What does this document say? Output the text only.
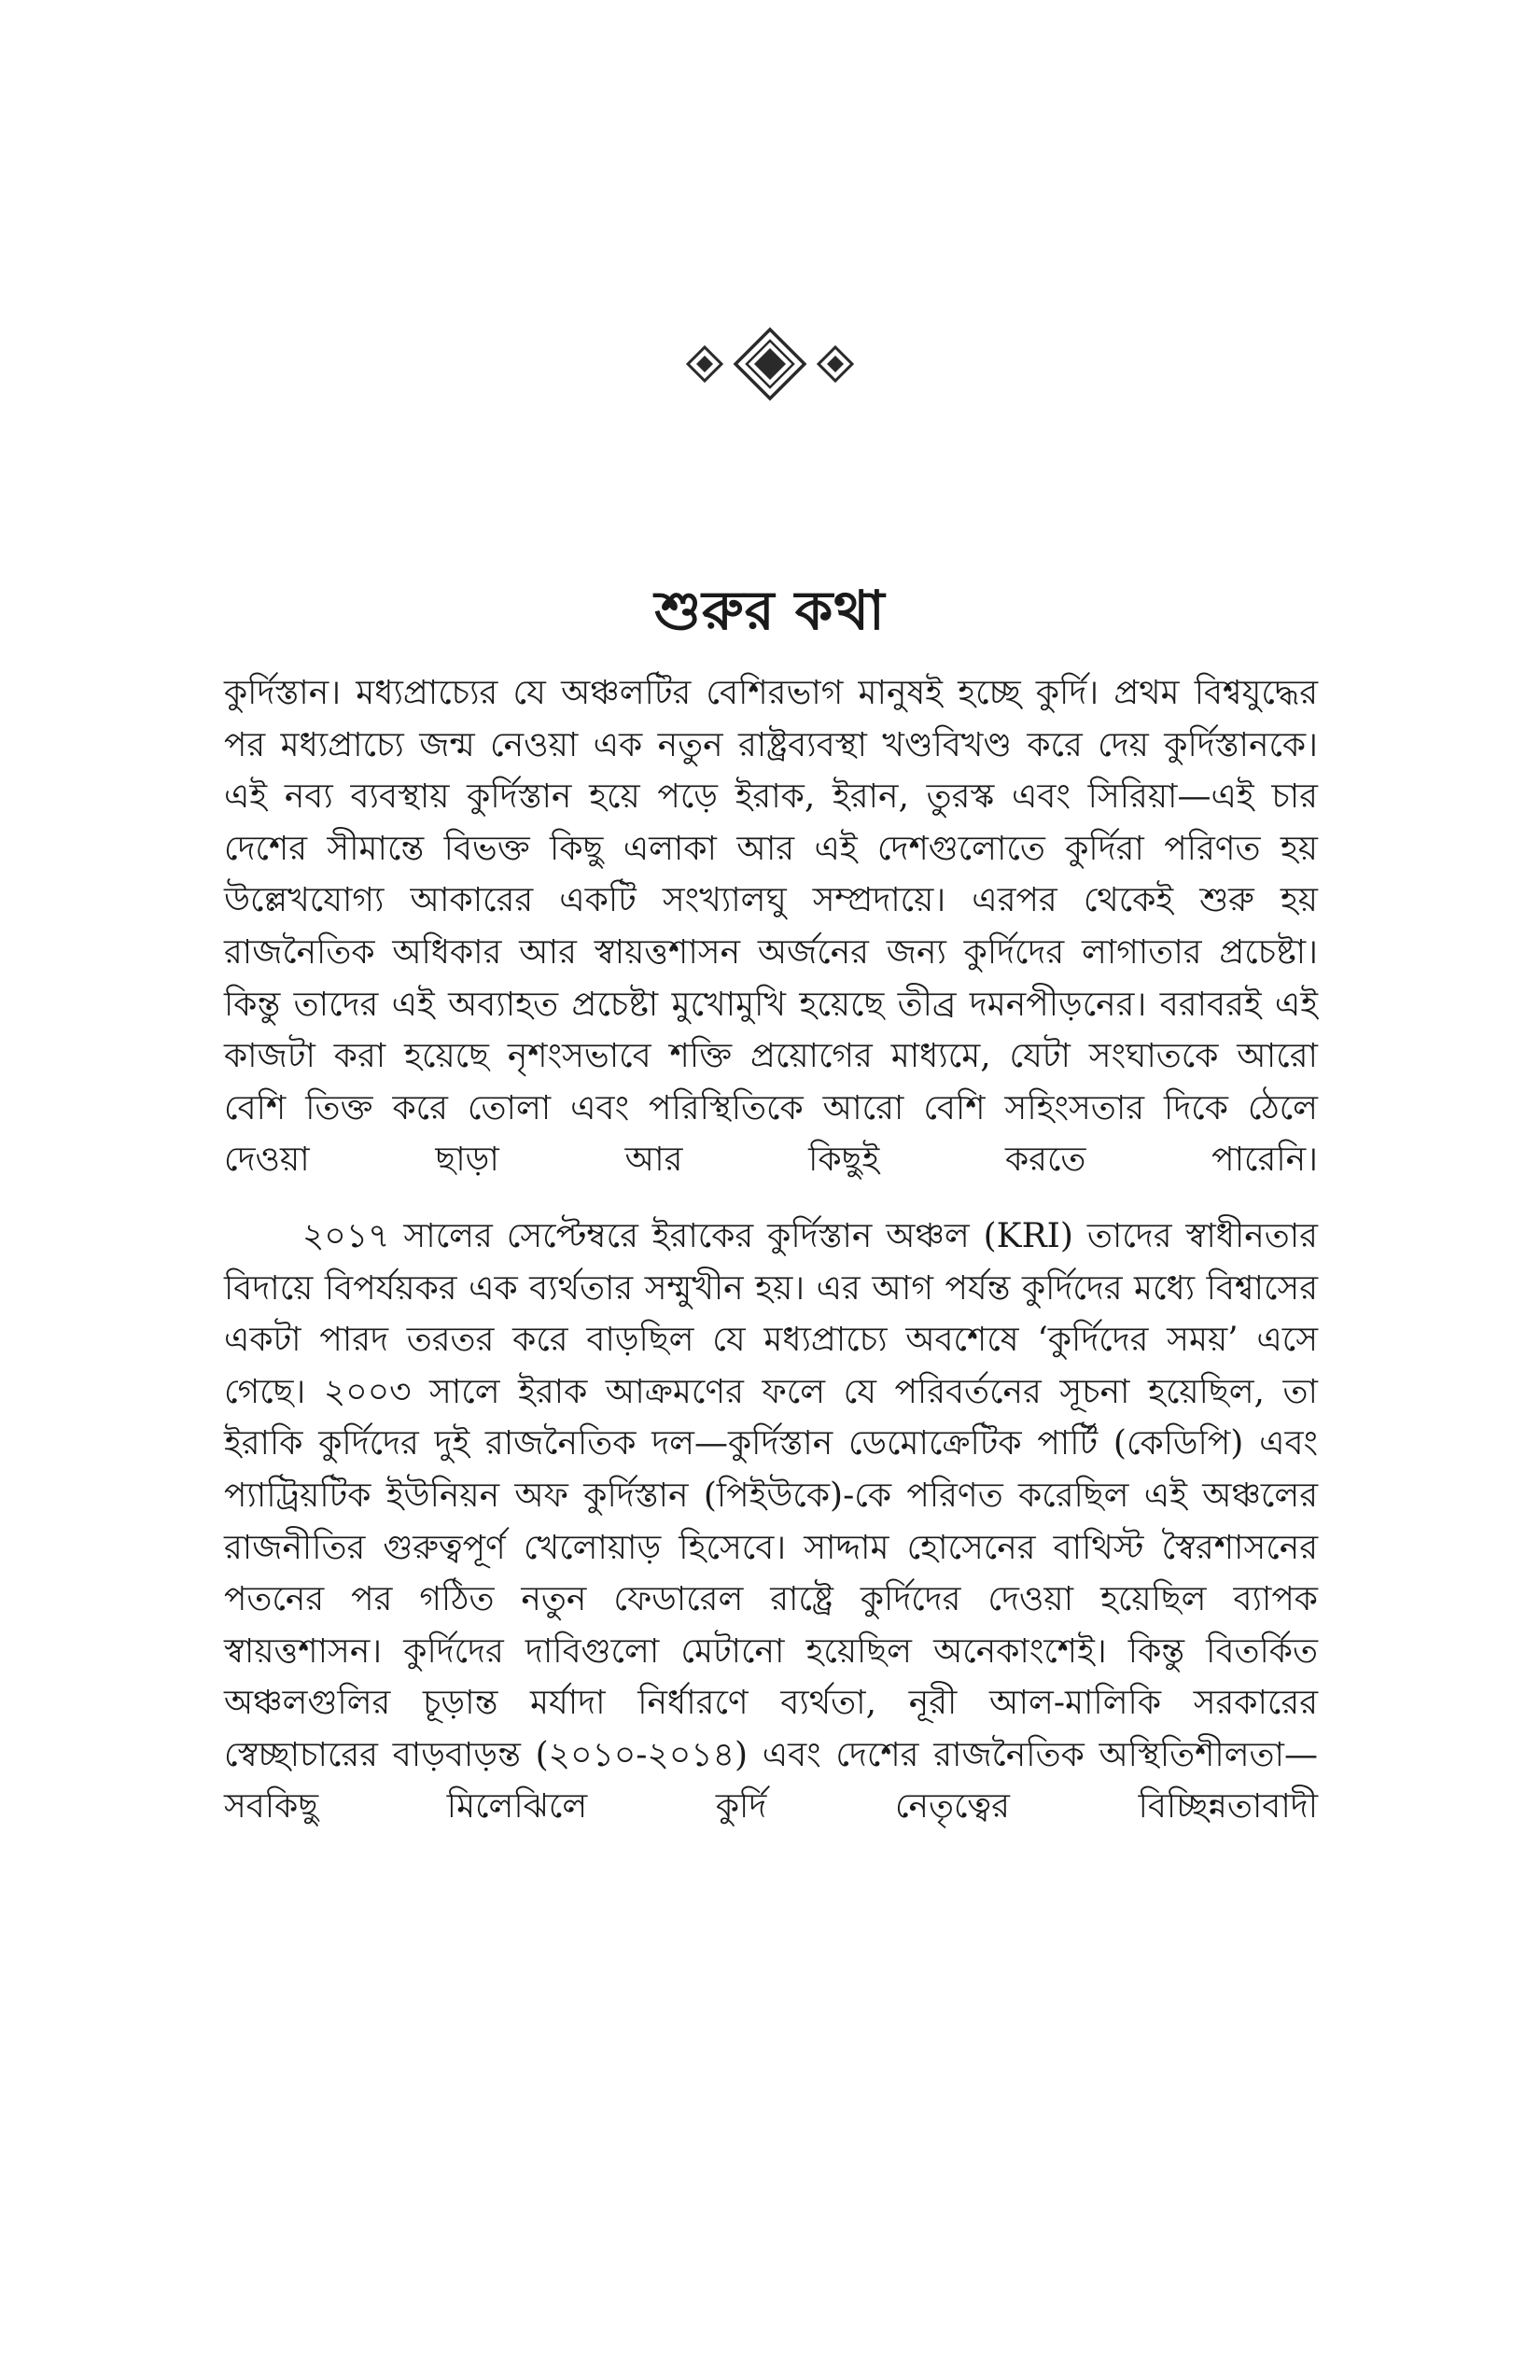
শুরুর কথা

কুর্দিস্তান। মধ্যপ্রাচ্যের যে অঞ্চলটির বেশিরভাগ মানুষই হচ্ছে কুর্দি। প্রথম বিশ্বযুদ্ধের পর মধ্যপ্রাচ্যে জন্ম নেওয়া এক নতুন রাষ্ট্রব্যবস্থা খণ্ডবিখণ্ড করে দেয় কুর্দিস্তানকে। এই নব্য ব্যবস্থায় কুর্দিস্তান হয়ে পড়ে ইরাক, ইরান, তুরস্ক এবং সিরিয়া—এই চার দেশের সীমান্তে বিভক্ত কিছু এলাকা আর এই দেশগুলোতে কুর্দিরা পরিণত হয় উল্লেখযোগ্য আকারের একটি সংখ্যালঘু সম্প্রদায়ে। এরপর থেকেই শুরু হয় রাজনৈতিক অধিকার আর স্বায়ত্তশাসন অর্জনের জন্য কুর্দিদের লাগাতার প্রচেষ্টা। কিন্তু তাদের এই অব্যাহত প্রচেষ্টা মুখোমুখি হয়েছে তীব্র দমনপীড়নের। বরাবরই এই কাজটা করা হয়েছে নৃশংসভাবে শক্তি প্রয়োগের মাধ্যমে, যেটা সংঘাতকে আরো বেশি তিক্ত করে তোলা এবং পরিস্থিতিকে আরো বেশি সহিংসতার দিকে ঠেলে দেওয়া ছাড়া আর কিছুই করতে পারেনি।

২০১৭ সালের সেপ্টেম্বরে ইরাকের কুর্দিস্তান অঞ্চল (KRI) তাদের স্বাধীনতার বিদায়ে বিপর্যয়কর এক ব্যর্থতার সম্মুখীন হয়। এর আগ পর্যন্ত কুর্দিদের মধ্যে বিশ্বাসের একটা পারদ তরতর করে বাড়ছিল যে মধ্যপ্রাচ্যে অবশেষে ‘কুর্দিদের সময়’ এসে গেছে। ২০০৩ সালে ইরাক আক্রমণের ফলে যে পরিবর্তনের সূচনা হয়েছিল, তা ইরাকি কুর্দিদের দুই রাজনৈতিক দল—কুর্দিস্তান ডেমোক্রেটিক পার্টি (কেডিপি) এবং প্যাট্রিয়টিক ইউনিয়ন অফ কুর্দিস্তান (পিইউকে)-কে পরিণত করেছিল এই অঞ্চলের রাজনীতির গুরুত্বপূর্ণ খেলোয়াড় হিসেবে। সাদ্দাম হোসেনের বাথিস্ট স্বৈরশাসনের পতনের পর গঠিত নতুন ফেডারেল রাষ্ট্রে কুর্দিদের দেওয়া হয়েছিল ব্যাপক স্বায়ত্তশাসন। কুর্দিদের দাবিগুলো মেটানো হয়েছিল অনেকাংশেই। কিন্তু বিতর্কিত অঞ্চলগুলির চূড়ান্ত মর্যাদা নির্ধারণে ব্যর্থতা, নূরী আল-মালিকি সরকারের স্বেচ্ছাচারের বাড়বাড়ন্ত (২০১০-২০১৪) এবং দেশের রাজনৈতিক অস্থিতিশীলতা—সবকিছু মিলেঝিলে কুর্দি নেতৃত্বের বিচ্ছিন্নতাবাদী
